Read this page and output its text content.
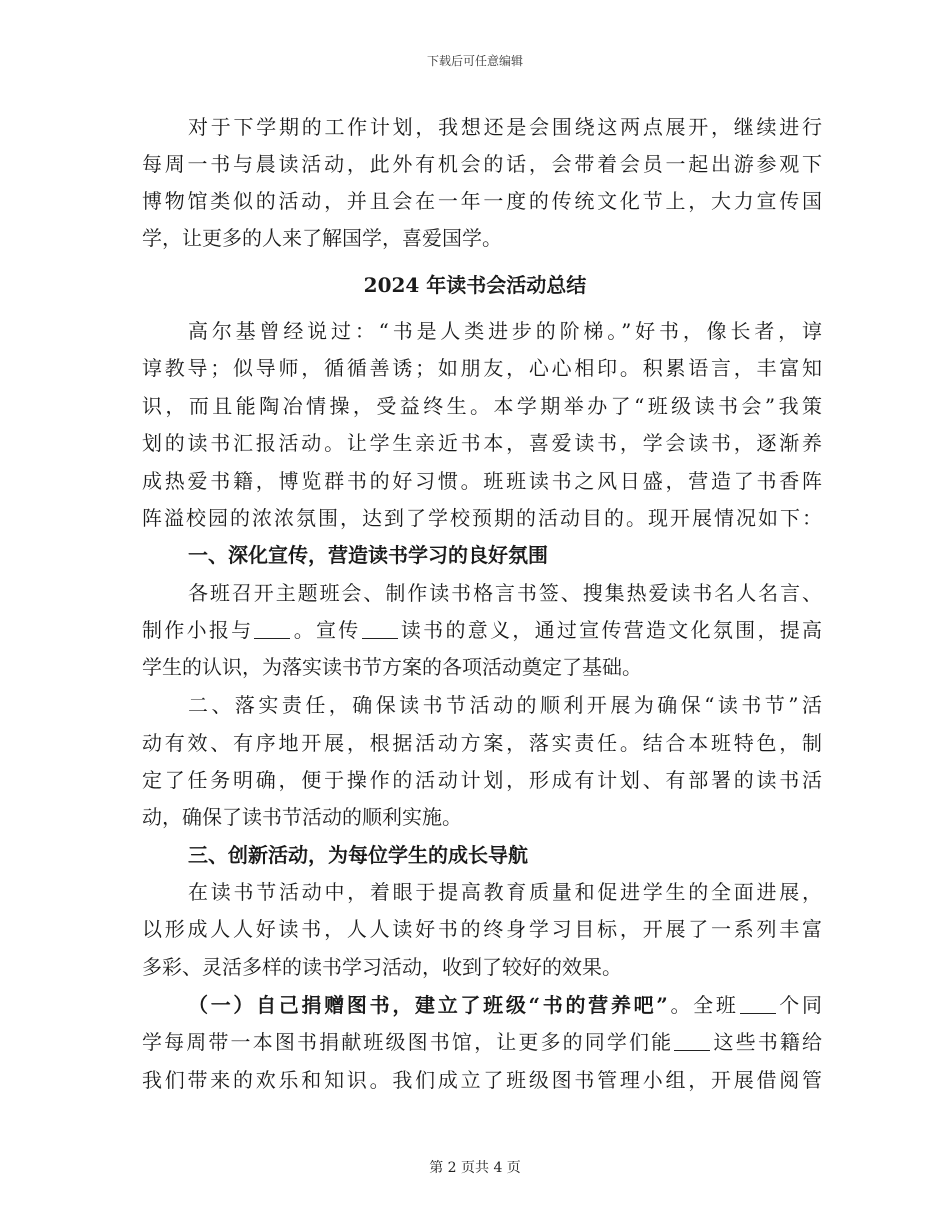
下载后可任意编辑
对于下学期的工作计划，我想还是会围绕这两点展开，继续进行
每周一书与晨读活动，此外有机会的话，会带着会员一起出游参观下
博物馆类似的活动，并且会在一年一度的传统文化节上，大力宣传国
学，让更多的人来了解国学，喜爱国学。
2024 年读书会活动总结
高尔基曾经说过：“书是人类进步的阶梯。”好书，像长者，谆
谆教导；似导师，循循善诱；如朋友，心心相印。积累语言，丰富知
识，而且能陶冶情操，受益终生。本学期举办了“班级读书会”我策
划的读书汇报活动。让学生亲近书本，喜爱读书，学会读书，逐渐养
成热爱书籍，博览群书的好习惯。班班读书之风日盛，营造了书香阵
阵溢校园的浓浓氛围，达到了学校预期的活动目的。现开展情况如下：
一、深化宣传，营造读书学习的良好氛围
各班召开主题班会、制作读书格言书签、搜集热爱读书名人名言、
制作小报与 。宣传 读书的意义，通过宣传营造文化氛围，提高
学生的认识，为落实读书节方案的各项活动奠定了基础。
二、落实责任，确保读书节活动的顺利开展为确保“读书节”活
动有效、有序地开展，根据活动方案，落实责任。结合本班特色，制
定了任务明确，便于操作的活动计划，形成有计划、有部署的读书活
动，确保了读书节活动的顺利实施。
三、创新活动，为每位学生的成长导航
在读书节活动中，着眼于提高教育质量和促进学生的全面进展，
以形成人人好读书，人人读好书的终身学习目标，开展了一系列丰富
多彩、灵活多样的读书学习活动，收到了较好的效果。
（一）自己捐赠图书，建立了班级“书的营养吧”。全班 个同
学每周带一本图书捐献班级图书馆，让更多的同学们能 这些书籍给
我们带来的欢乐和知识。我们成立了班级图书管理小组，开展借阅管
第 2 页共 4 页
